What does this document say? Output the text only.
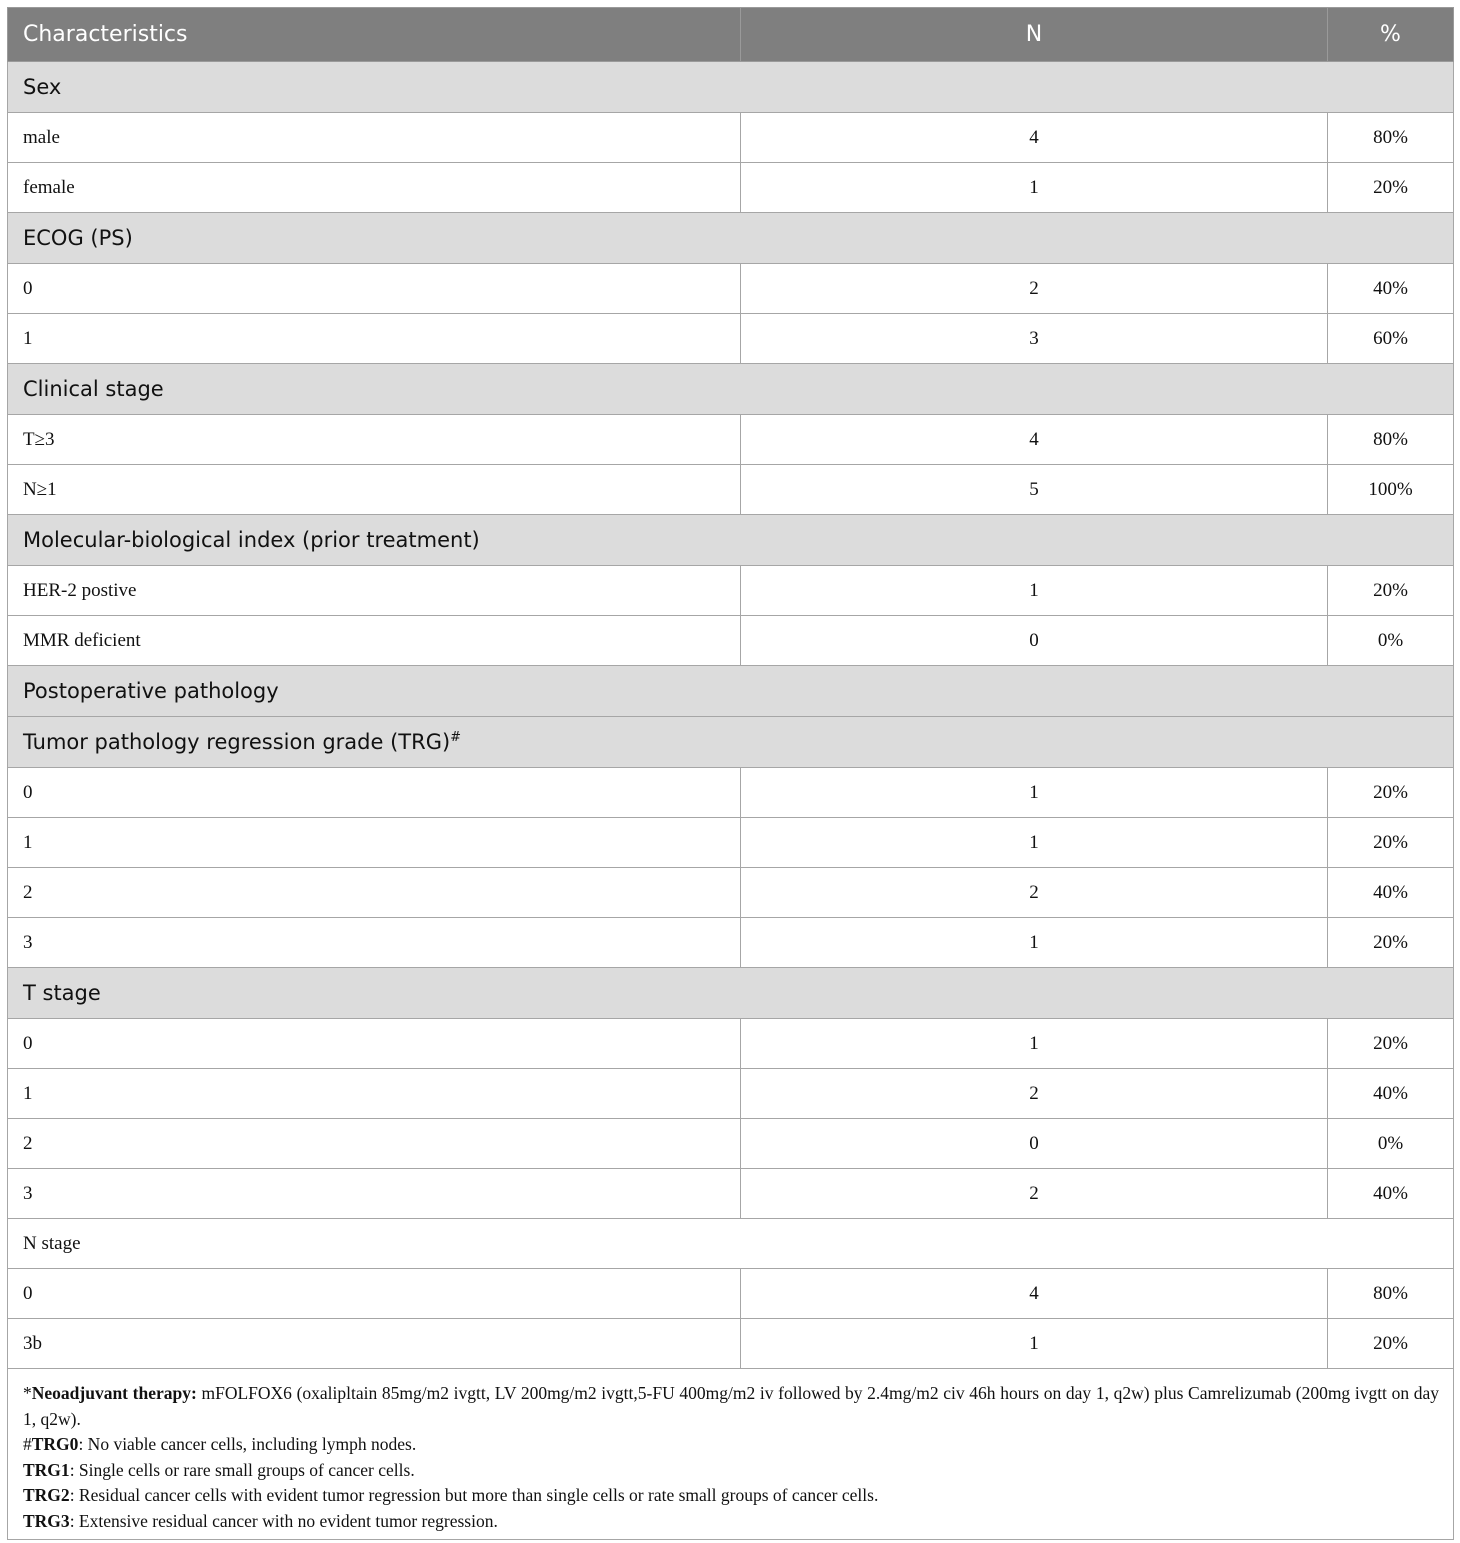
Characteristics	N	%
Sex		
male	4	80%
female	1	20%
ECOG (PS)		
0	2	40%
1	3	60%
Clinical stage		
T≥3	4	80%
N≥1	5	100%
Molecular-biological index (prior treatment)		
HER-2 postive	1	20%
MMR deficient	0	0%
Postoperative pathology		
Tumor pathology regression grade (TRG)#
0	1	20%
1	1	20%
2	2	40%
3	1	20%
T stage		
0	1	20%
1	2	40%
2	0	0%
3	2	40%
N stage		
0	4	80%
3b	1	20%

*Neoadjuvant therapy: mFOLFOX6 (oxalipltain 85mg/m2 ivgtt, LV 200mg/m2 ivgtt,5-FU 400mg/m2 iv followed by 2.4mg/m2 civ 46h hours on day 1, q2w) plus Camrelizumab (200mg ivgtt on day 1, q2w).
#TRG0: No viable cancer cells, including lymph nodes.
TRG1: Single cells or rare small groups of cancer cells.
TRG2: Residual cancer cells with evident tumor regression but more than single cells or rate small groups of cancer cells.
TRG3: Extensive residual cancer with no evident tumor regression.		
